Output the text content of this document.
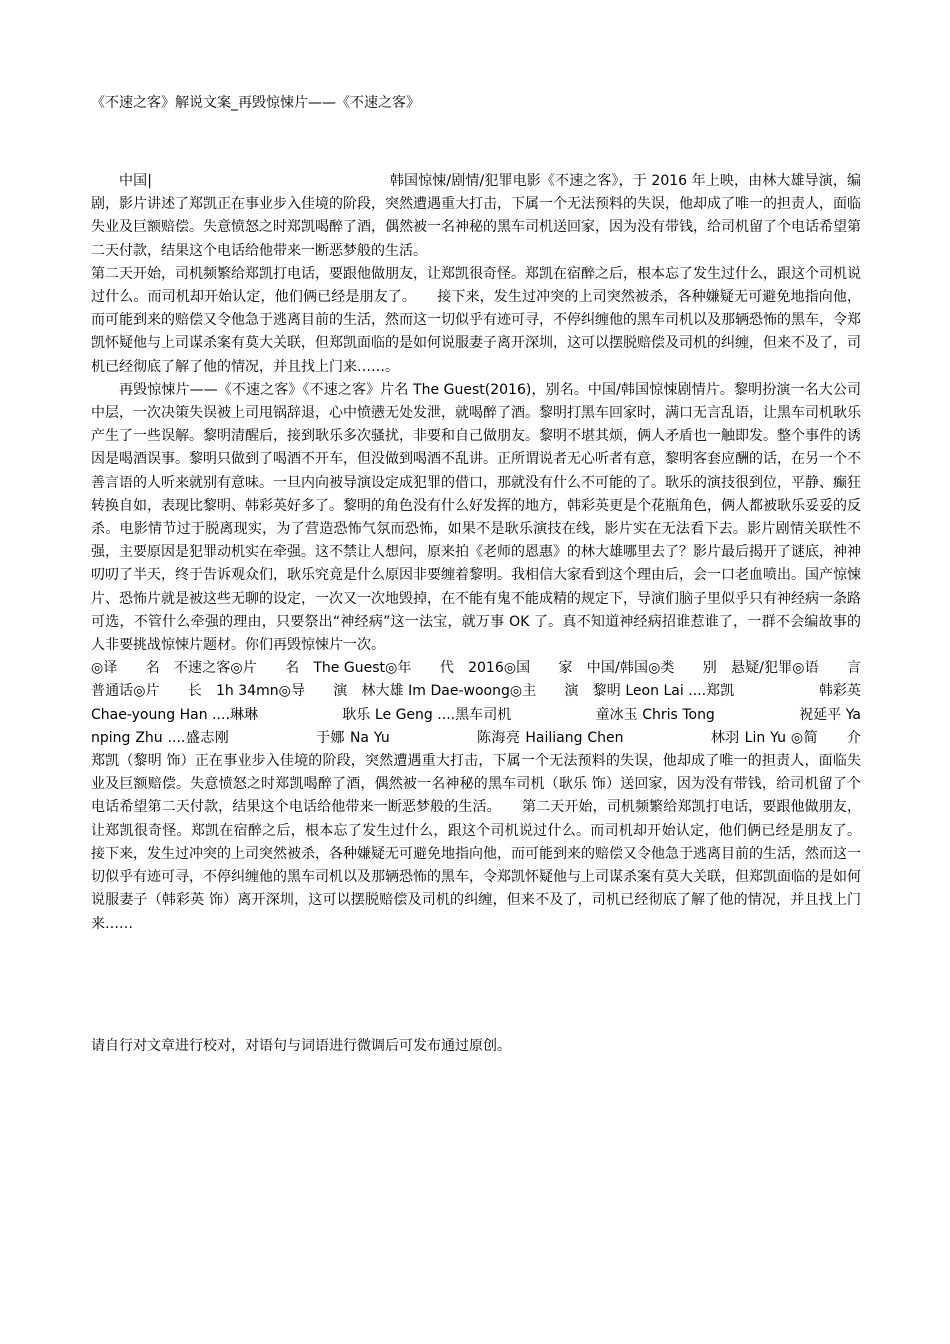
《不速之客》解说文案_再毁惊悚片——《不速之客》

中国|                                                    韩国惊悚/剧情/犯罪电影《不速之客》，于 2016 年上映，由林大雄导演，编剧，影片讲述了郑凯正在事业步入佳境的阶段，突然遭遇重大打击，下属一个无法预料的失误，他却成了唯一的担责人，面临失业及巨额赔偿。失意愤怒之时郑凯喝醉了酒，偶然被一名神秘的黑车司机送回家，因为没有带钱，给司机留了个电话希望第二天付款，结果这个电话给他带来一断恶梦般的生活。

第二天开始，司机频繁给郑凯打电话，要跟他做朋友，让郑凯很奇怪。郑凯在宿醉之后，根本忘了发生过什么，跟这个司机说过什么。而司机却开始认定，他们俩已经是朋友了。　　接下来，发生过冲突的上司突然被杀，各种嫌疑无可避免地指向他，而可能到来的赔偿又令他急于逃离目前的生活，然而这一切似乎有迹可寻，不停纠缠他的黑车司机以及那辆恐怖的黑车，令郑凯怀疑他与上司谋杀案有莫大关联，但郑凯面临的是如何说服妻子离开深圳，这可以摆脱赔偿及司机的纠缠，但来不及了，司机已经彻底了解了他的情况，并且找上门来……。

再毁惊悚片——《不速之客》《不速之客》片名 The Guest(2016)，别名。中国/韩国惊悚剧情片。黎明扮演一名大公司中层，一次决策失误被上司甩锅辞退，心中愤懑无处发泄，就喝醉了酒。黎明打黑车回家时，满口无言乱语，让黑车司机耿乐产生了一些误解。黎明清醒后，接到耿乐多次骚扰，非要和自己做朋友。黎明不堪其烦，俩人矛盾也一触即发。整个事件的诱因是喝酒误事。黎明只做到了喝酒不开车，但没做到喝酒不乱讲。正所谓说者无心听者有意，黎明客套应酬的话，在另一个不善言语的人听来就别有意味。一旦内向被导演设定成犯罪的借口，那就没有什么不可能的了。耿乐的演技很到位，平静、癫狂转换自如，表现比黎明、韩彩英好多了。黎明的角色没有什么好发挥的地方，韩彩英更是个花瓶角色，俩人都被耿乐妥妥的反杀。电影情节过于脱离现实，为了营造恐怖气氛而恐怖，如果不是耿乐演技在线，影片实在无法看下去。影片剧情关联性不强，主要原因是犯罪动机实在牵强。这不禁让人想问，原来拍《老师的恩惠》的林大雄哪里去了？影片最后揭开了谜底，神神叨叨了半天，终于告诉观众们，耿乐究竟是什么原因非要缠着黎明。我相信大家看到这个理由后，会一口老血喷出。国产惊悚片、恐怖片就是被这些无聊的设定，一次又一次地毁掉，在不能有鬼不能成精的规定下，导演们脑子里似乎只有神经病一条路可选，不管什么牵强的理由，只要祭出“神经病”这一法宝，就万事 OK 了。真不知道神经病招谁惹谁了，一群不会编故事的人非要挑战惊悚片题材。你们再毁惊悚片一次。

◎译　　名　不速之客◎片　　名　The Guest◎年　　代　2016◎国　　家　中国/韩国◎类　　别　悬疑/犯罪◎语　　言　普通话◎片　　长　1h 34mn◎导　　演　林大雄 Im Dae-woong◎主　　演　黎明 Leon Lai ....郑凯　　　　　　韩彩英 Chae-young Han ....琳琳　　　　　　耿乐 Le Geng ....黑车司机　　　　　　童冰玉 Chris Tong　　　　　　祝延平 Yanping Zhu ....盛志刚　　　　　　于娜 Na Yu　　　　　　陈海亮 Hailiang Chen　　　　　　林羽 Lin Yu ◎简　　介　　郑凯（黎明 饰）正在事业步入佳境的阶段，突然遭遇重大打击，下属一个无法预料的失误，他却成了唯一的担责人，面临失业及巨额赔偿。失意愤怒之时郑凯喝醉了酒，偶然被一名神秘的黑车司机（耿乐 饰）送回家，因为没有带钱，给司机留了个电话希望第二天付款，结果这个电话给他带来一断恶梦般的生活。　　第二天开始，司机频繁给郑凯打电话，要跟他做朋友，让郑凯很奇怪。郑凯在宿醉之后，根本忘了发生过什么，跟这个司机说过什么。而司机却开始认定，他们俩已经是朋友了。 接下来，发生过冲突的上司突然被杀，各种嫌疑无可避免地指向他，而可能到来的赔偿又令他急于逃离目前的生活，然而这一切似乎有迹可寻，不停纠缠他的黑车司机以及那辆恐怖的黑车，令郑凯怀疑他与上司谋杀案有莫大关联，但郑凯面临的是如何说服妻子（韩彩英 饰）离开深圳，这可以摆脱赔偿及司机的纠缠，但来不及了，司机已经彻底了解了他的情况，并且找上门来……

请自行对文章进行校对，对语句与词语进行微调后可发布通过原创。
